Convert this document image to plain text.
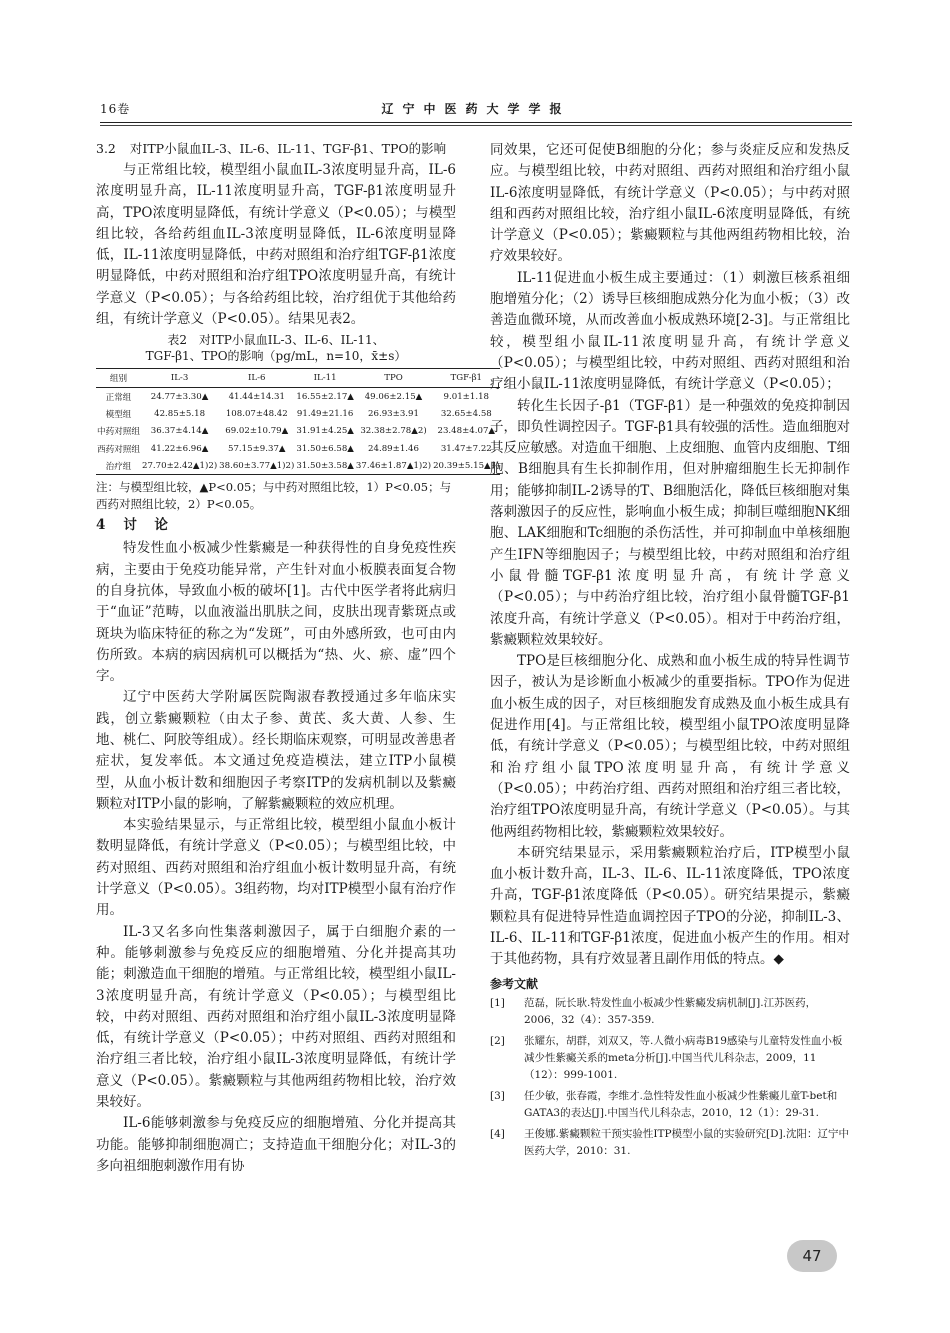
16卷	辽宁中医药大学学报
3.2 对ITP小鼠血IL-3、IL-6、IL-11、TGF-β1、TPO的影响

与正常组比较，模型组小鼠血IL-3浓度明显升高，IL-6浓度明显升高，IL-11浓度明显升高，TGF-β1浓度明显升高，TPO浓度明显降低，有统计学意义（P<0.05）；与模型组比较，各给药组血IL-3浓度明显降低，IL-6浓度明显降低，IL-11浓度明显降低，中药对照组和治疗组TGF-β1浓度明显降低，中药对照组和治疗组TPO浓度明显升高，有统计学意义（P<0.05）；与各给药组比较，治疗组优于其他给药组，有统计学意义（P<0.05）。结果见表2。

表2　对ITP小鼠血IL-3、IL-6、IL-11、
TGF-β1、TPO的影响（pg/mL，n=10，x̄±s）
组别	IL-3	IL-6	IL-11	TPO	TGF-β1
正常组	24.77±3.30▲	41.44±14.31	16.55±2.17▲	49.06±2.15▲	9.01±1.18
模型组	42.85±5.18	108.07±48.42	91.49±21.16	26.93±3.91	32.65±4.58
中药对照组	36.37±4.14▲	69.02±10.79▲	31.91±4.25▲	32.38±2.78▲2)	23.48±4.07▲
西药对照组	41.22±6.96▲	57.15±9.37▲	31.50±6.58▲	24.89±1.46	31.47±7.22
治疗组	27.70±2.42▲1)2)	38.60±3.77▲1)2)	31.50±3.58▲	37.46±1.87▲1)2)	20.39±5.15▲1)
注：与模型组比较，▲P<0.05；与中药对照组比较，1）P<0.05；与西药对照组比较，2）P<0.05。
4 讨　论

特发性血小板减少性紫癜是一种获得性的自身免疫性疾病，主要由于免疫功能异常，产生针对血小板膜表面复合物的自身抗体，导致血小板的破坏[1]。古代中医学者将此病归于“血证”范畴，以血液溢出肌肤之间，皮肤出现青紫斑点或斑块为临床特征的称之为“发斑”，可由外感所致，也可由内伤所致。本病的病因病机可以概括为“热、火、瘀、虚”四个字。

辽宁中医药大学附属医院陶淑春教授通过多年临床实践，创立紫癜颗粒（由太子参、黄芪、炙大黄、人参、生地、桃仁、阿胶等组成）。经长期临床观察，可明显改善患者症状，复发率低。本文通过免疫造模法，建立ITP小鼠模型，从血小板计数和细胞因子考察ITP的发病机制以及紫癜颗粒对ITP小鼠的影响，了解紫癜颗粒的效应机理。

本实验结果显示，与正常组比较，模型组小鼠血小板计数明显降低，有统计学意义（P<0.05）；与模型组比较，中药对照组、西药对照组和治疗组血小板计数明显升高，有统计学意义（P<0.05）。3组药物，均对ITP模型小鼠有治疗作用。

IL-3又名多向性集落刺激因子，属于白细胞介素的一种。能够刺激参与免疫反应的细胞增殖、分化并提高其功能；刺激造血干细胞的增殖。与正常组比较，模型组小鼠IL-3浓度明显升高，有统计学意义（P<0.05）；与模型组比较，中药对照组、西药对照组和治疗组小鼠IL-3浓度明显降低，有统计学意义（P<0.05）；中药对照组、西药对照组和治疗组三者比较，治疗组小鼠IL-3浓度明显降低，有统计学意义（P<0.05）。紫癜颗粒与其他两组药物相比较，治疗效果较好。

IL-6能够刺激参与免疫反应的细胞增殖、分化并提高其功能。能够抑制细胞凋亡；支持造血干细胞分化；对IL-3的多向祖细胞刺激作用有协

同效果，它还可促使B细胞的分化；参与炎症反应和发热反应。与模型组比较，中药对照组、西药对照组和治疗组小鼠IL-6浓度明显降低，有统计学意义（P<0.05）；与中药对照组和西药对照组比较，治疗组小鼠IL-6浓度明显降低，有统计学意义（P<0.05）；紫癜颗粒与其他两组药物相比较，治疗效果较好。

IL-11促进血小板生成主要通过：（1）刺激巨核系祖细胞增殖分化；（2）诱导巨核细胞成熟分化为血小板；（3）改善造血微环境，从而改善血小板成熟环境[2-3]。与正常组比较，模型组小鼠IL-11浓度明显升高，有统计学意义（P<0.05）；与模型组比较，中药对照组、西药对照组和治疗组小鼠IL-11浓度明显降低，有统计学意义（P<0.05）；

转化生长因子-β1（TGF-β1）是一种强效的免疫抑制因子，即负性调控因子。TGF-β1具有较强的活性。造血细胞对其反应敏感。对造血干细胞、上皮细胞、血管内皮细胞、T细胞、B细胞具有生长抑制作用，但对肿瘤细胞生长无抑制作用；能够抑制IL-2诱导的T、B细胞活化，降低巨核细胞对集落刺激因子的反应性，影响血小板生成；抑制巨噬细胞NK细胞、LAK细胞和Tc细胞的杀伤活性，并可抑制血中单核细胞产生IFN等细胞因子；与模型组比较，中药对照组和治疗组小鼠骨髓TGF-β1浓度明显升高，有统计学意义（P<0.05）；与中药治疗组比较，治疗组小鼠骨髓TGF-β1浓度升高，有统计学意义（P<0.05）。相对于中药治疗组，紫癜颗粒效果较好。

TPO是巨核细胞分化、成熟和血小板生成的特异性调节因子，被认为是诊断血小板减少的重要指标。TPO作为促进血小板生成的因子，对巨核细胞发育成熟及血小板生成具有促进作用[4]。与正常组比较，模型组小鼠TPO浓度明显降低，有统计学意义（P<0.05）；与模型组比较，中药对照组和治疗组小鼠TPO浓度明显升高，有统计学意义（P<0.05）；中药治疗组、西药对照组和治疗组三者比较，治疗组TPO浓度明显升高，有统计学意义（P<0.05）。与其他两组药物相比较，紫癜颗粒效果较好。

本研究结果显示，采用紫癜颗粒治疗后，ITP模型小鼠血小板计数升高，IL-3、IL-6、IL-11浓度降低，TPO浓度升高，TGF-β1浓度降低（P<0.05）。研究结果提示，紫癜颗粒具有促进特异性造血调控因子TPO的分泌，抑制IL-3、IL-6、IL-11和TGF-β1浓度，促进血小板产生的作用。相对于其他药物，具有疗效显著且副作用低的特点。◆

参考文献
[1]	范磊，阮长耿.特发性血小板减少性紫癜发病机制[J].江苏医药，2006，32（4）：357-359.
[2]	张耀东，胡群，刘双又，等.人微小病毒B19感染与儿童特发性血小板减少性紫癜关系的meta分析[J].中国当代儿科杂志，2009，11（12）：999-1001.
[3]	任少敏，张春霞，李维才.急性特发性血小板减少性紫癜儿童T-bet和GATA3的表达[J].中国当代儿科杂志，2010，12（1）：29-31.
[4]	王俊娜.紫癜颗粒干预实验性ITP模型小鼠的实验研究[D].沈阳：辽宁中医药大学，2010：31.
47
